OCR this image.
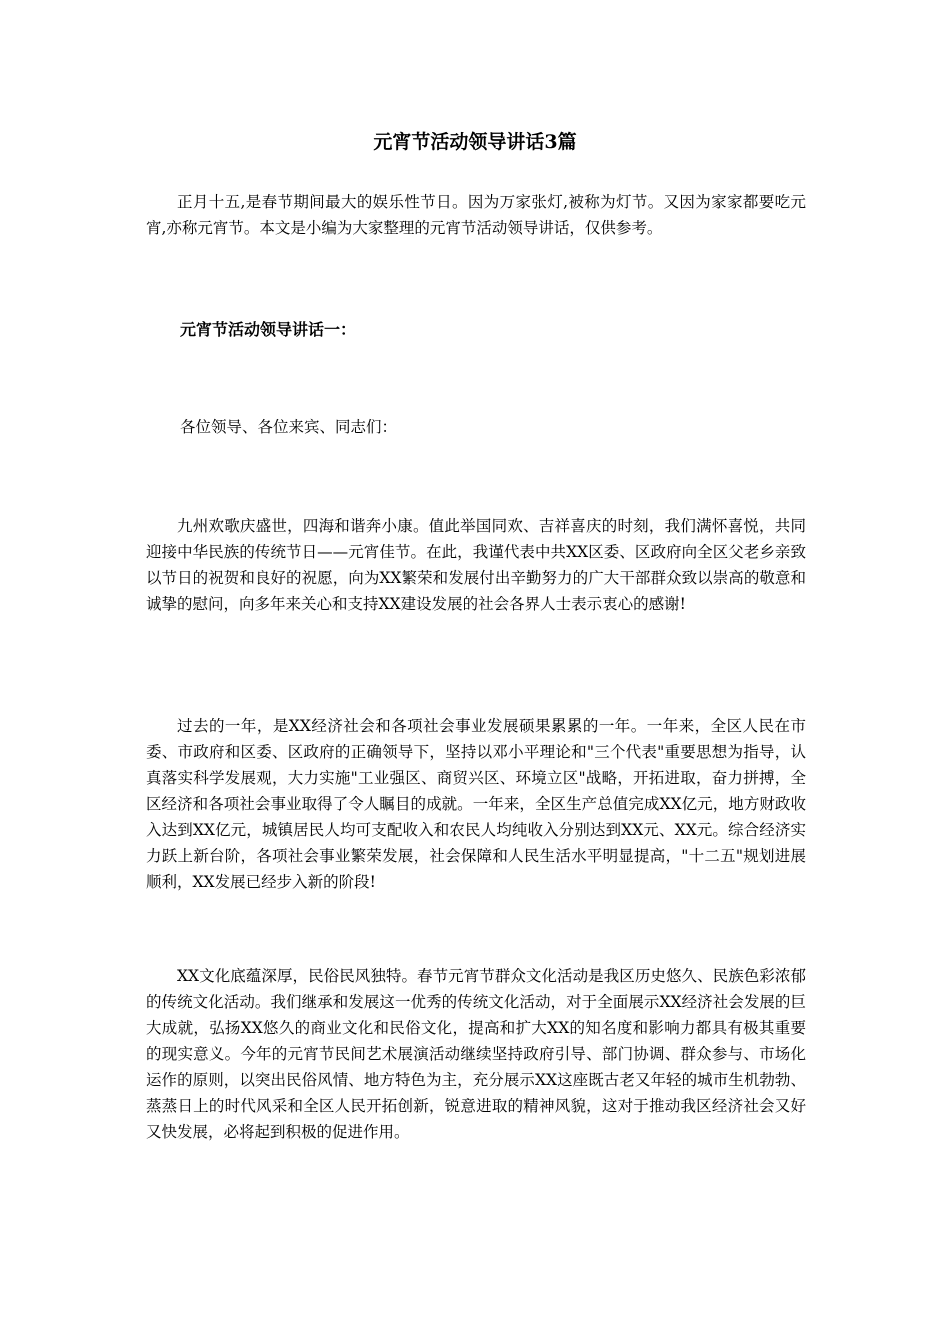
元宵节活动领导讲话3篇

正月十五,是春节期间最大的娱乐性节日。因为万家张灯,被称为灯节。又因为家家都要吃元宵,亦称元宵节。本文是小编为大家整理的元宵节活动领导讲话，仅供参考。

元宵节活动领导讲话一：

各位领导、各位来宾、同志们：

九州欢歌庆盛世，四海和谐奔小康。值此举国同欢、吉祥喜庆的时刻，我们满怀喜悦，共同迎接中华民族的传统节日——元宵佳节。在此，我谨代表中共XX区委、区政府向全区父老乡亲致以节日的祝贺和良好的祝愿，向为XX繁荣和发展付出辛勤努力的广大干部群众致以崇高的敬意和诚挚的慰问，向多年来关心和支持XX建设发展的社会各界人士表示衷心的感谢!

过去的一年，是XX经济社会和各项社会事业发展硕果累累的一年。一年来，全区人民在市委、市政府和区委、区政府的正确领导下，坚持以邓小平理论和"三个代表"重要思想为指导，认真落实科学发展观，大力实施"工业强区、商贸兴区、环境立区"战略，开拓进取，奋力拼搏，全区经济和各项社会事业取得了令人瞩目的成就。一年来，全区生产总值完成XX亿元，地方财政收入达到XX亿元，城镇居民人均可支配收入和农民人均纯收入分别达到XX元、XX元。综合经济实力跃上新台阶，各项社会事业繁荣发展，社会保障和人民生活水平明显提高，"十二五"规划进展顺利，XX发展已经步入新的阶段!

XX文化底蕴深厚，民俗民风独特。春节元宵节群众文化活动是我区历史悠久、民族色彩浓郁的传统文化活动。我们继承和发展这一优秀的传统文化活动，对于全面展示XX经济社会发展的巨大成就，弘扬XX悠久的商业文化和民俗文化，提高和扩大XX的知名度和影响力都具有极其重要的现实意义。今年的元宵节民间艺术展演活动继续坚持政府引导、部门协调、群众参与、市场化运作的原则，以突出民俗风情、地方特色为主，充分展示XX这座既古老又年轻的城市生机勃勃、蒸蒸日上的时代风采和全区人民开拓创新，锐意进取的精神风貌，这对于推动我区经济社会又好又快发展，必将起到积极的促进作用。
